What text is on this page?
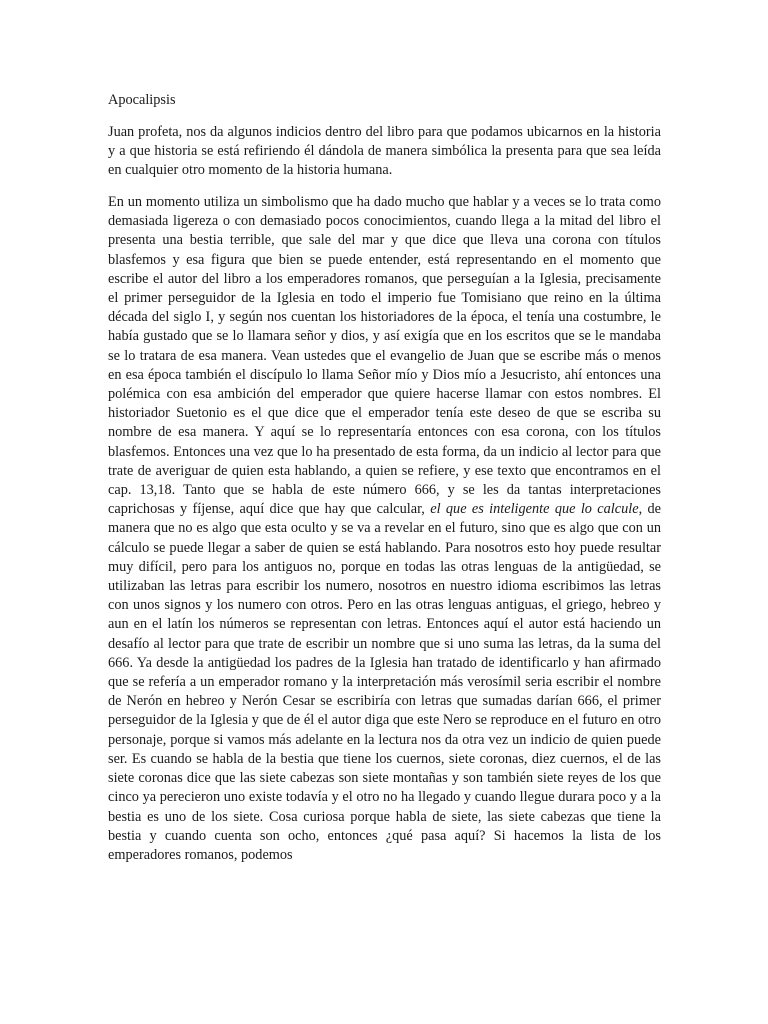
Apocalipsis

Juan profeta, nos da algunos indicios dentro del libro para que podamos ubicarnos en la historia y a que historia se está refiriendo él dándola de manera simbólica la presenta para que sea leída en cualquier otro momento de la historia humana.

En un momento utiliza un simbolismo que ha dado mucho que hablar y a veces se lo trata como demasiada ligereza o con demasiado pocos conocimientos, cuando llega a la mitad del libro el presenta una bestia terrible, que sale del mar y que dice que lleva una corona con títulos blasfemos y esa figura que bien se puede entender, está representando en el momento que escribe el autor del libro a los emperadores romanos, que perseguían a la Iglesia, precisamente el primer perseguidor de la Iglesia en todo el imperio fue Tomisiano que reino en la última década del siglo I, y según nos cuentan los historiadores de la época, el tenía una costumbre, le había gustado que se lo llamara señor y dios, y así exigía que en los escritos que se le mandaba se lo tratara de esa manera. Vean ustedes que el evangelio de Juan que se escribe más o menos en esa época también el discípulo lo llama Señor mío y Dios mío a Jesucristo, ahí entonces una polémica con esa ambición del emperador que quiere hacerse llamar con estos nombres. El historiador Suetonio es el que dice que el emperador tenía este deseo de que se escriba su nombre de esa manera. Y aquí se lo representaría entonces con esa corona, con los títulos blasfemos. Entonces una vez que lo ha presentado de esta forma, da un indicio al lector para que trate de averiguar de quien esta hablando, a quien se refiere, y ese texto que encontramos en el cap. 13,18. Tanto que se habla de este número 666, y se les da tantas interpretaciones caprichosas y fíjense, aquí dice que hay que calcular, el que es inteligente que lo calcule, de manera que no es algo que esta oculto y se va a revelar en el futuro, sino que es algo que con un cálculo se puede llegar a saber de quien se está hablando. Para nosotros esto hoy puede resultar muy difícil, pero para los antiguos no, porque en todas las otras lenguas de la antigüedad, se utilizaban las letras para escribir los numero, nosotros en nuestro idioma escribimos las letras con unos signos y los numero con otros. Pero en las otras lenguas antiguas, el griego, hebreo y aun en el latín los números se representan con letras. Entonces aquí el autor está haciendo un desafío al lector para que trate de escribir un nombre que si uno suma las letras, da la suma del 666. Ya desde la antigüedad los padres de la Iglesia han tratado de identificarlo y han afirmado que se refería a un emperador romano y la interpretación más verosímil seria escribir el nombre de Nerón en hebreo y Nerón Cesar se escribiría con letras que sumadas darían 666, el primer perseguidor de la Iglesia y que de él el autor diga que este Nero se reproduce en el futuro en otro personaje, porque si vamos más adelante en la lectura nos da otra vez un indicio de quien puede ser. Es cuando se habla de la bestia que tiene los cuernos, siete coronas, diez cuernos, el de las siete coronas dice que las siete cabezas son siete montañas y son también siete reyes de los que cinco ya perecieron uno existe todavía y el otro no ha llegado y cuando llegue durara poco y a la bestia es uno de los siete. Cosa curiosa porque habla de siete, las siete cabezas que tiene la bestia y cuando cuenta son ocho, entonces ¿qué pasa aquí? Si hacemos la lista de los emperadores romanos, podemos
